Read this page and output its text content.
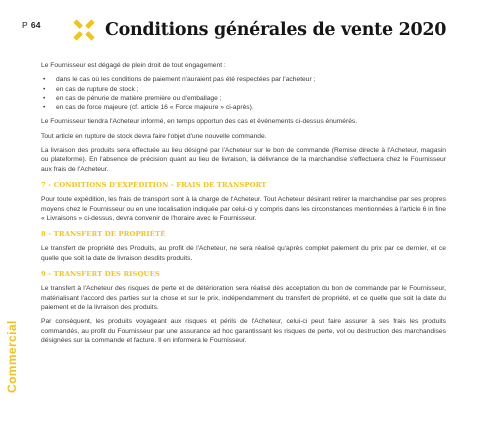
P 64	Conditions générales de vente 2020
Commercial

Le Fournisseur est dégagé de plein droit de tout engagement :

• dans le cas où les conditions de paiement n'auraient pas été respectées par l'acheteur ;
• en cas de rupture de stock ;
• en cas de pénurie de matière première ou d'emballage ;
• en cas de force majeure (cf. article 16 « Force majeure » ci-après).

Le Fournisseur tiendra l'Acheteur informé, en temps opportun des cas et événements ci-dessus énumérés.

Tout article en rupture de stock devra faire l'objet d'une nouvelle commande.

La livraison des produits sera effectuée au lieu désigné par l'Acheteur sur le bon de commande (Remise directe à l'Acheteur, magasin ou plateforme). En l'absence de précision quant au lieu de livraison, la délivrance de la marchandise s'effectuera chez le Fournisseur aux frais de l'Acheteur.

7 - CONDITIONS D'EXPÉDITION - FRAIS DE TRANSPORT

Pour toute expédition, les frais de transport sont à la charge de l'Acheteur. Tout Acheteur désirant retirer la marchandise par ses propres moyens chez le Fournisseur ou en une localisation indiquée par celui-ci y compris dans les circonstances mentionnées à l'article 6 in fine « Livraisons » ci-dessus, devra convenir de l'horaire avec le Fournisseur.

8 - TRANSFERT DE PROPRIÉTÉ

Le transfert de propriété des Produits, au profit de l'Acheteur, ne sera réalisé qu'après complet paiement du prix par ce dernier, et ce quelle que soit la date de livraison desdits produits.

9 - TRANSFERT DES RISQUES

Le transfert à l'Acheteur des risques de perte et de détérioration sera réalisé dès acceptation du bon de commande par le Fournisseur, matérialisant l'accord des parties sur la chose et sur le prix, indépendamment du transfert de propriété, et ce quelle que soit la date du paiement et de la livraison des produits.

Par conséquent, les produits voyageant aux risques et périls de l'Acheteur, celui-ci peut faire assurer à ses frais les produits commandés, au profit du Fournisseur par une assurance ad hoc garantissant les risques de perte, vol ou destruction des marchandises désignées sur la commande et facture. Il en informera le Fournisseur.
